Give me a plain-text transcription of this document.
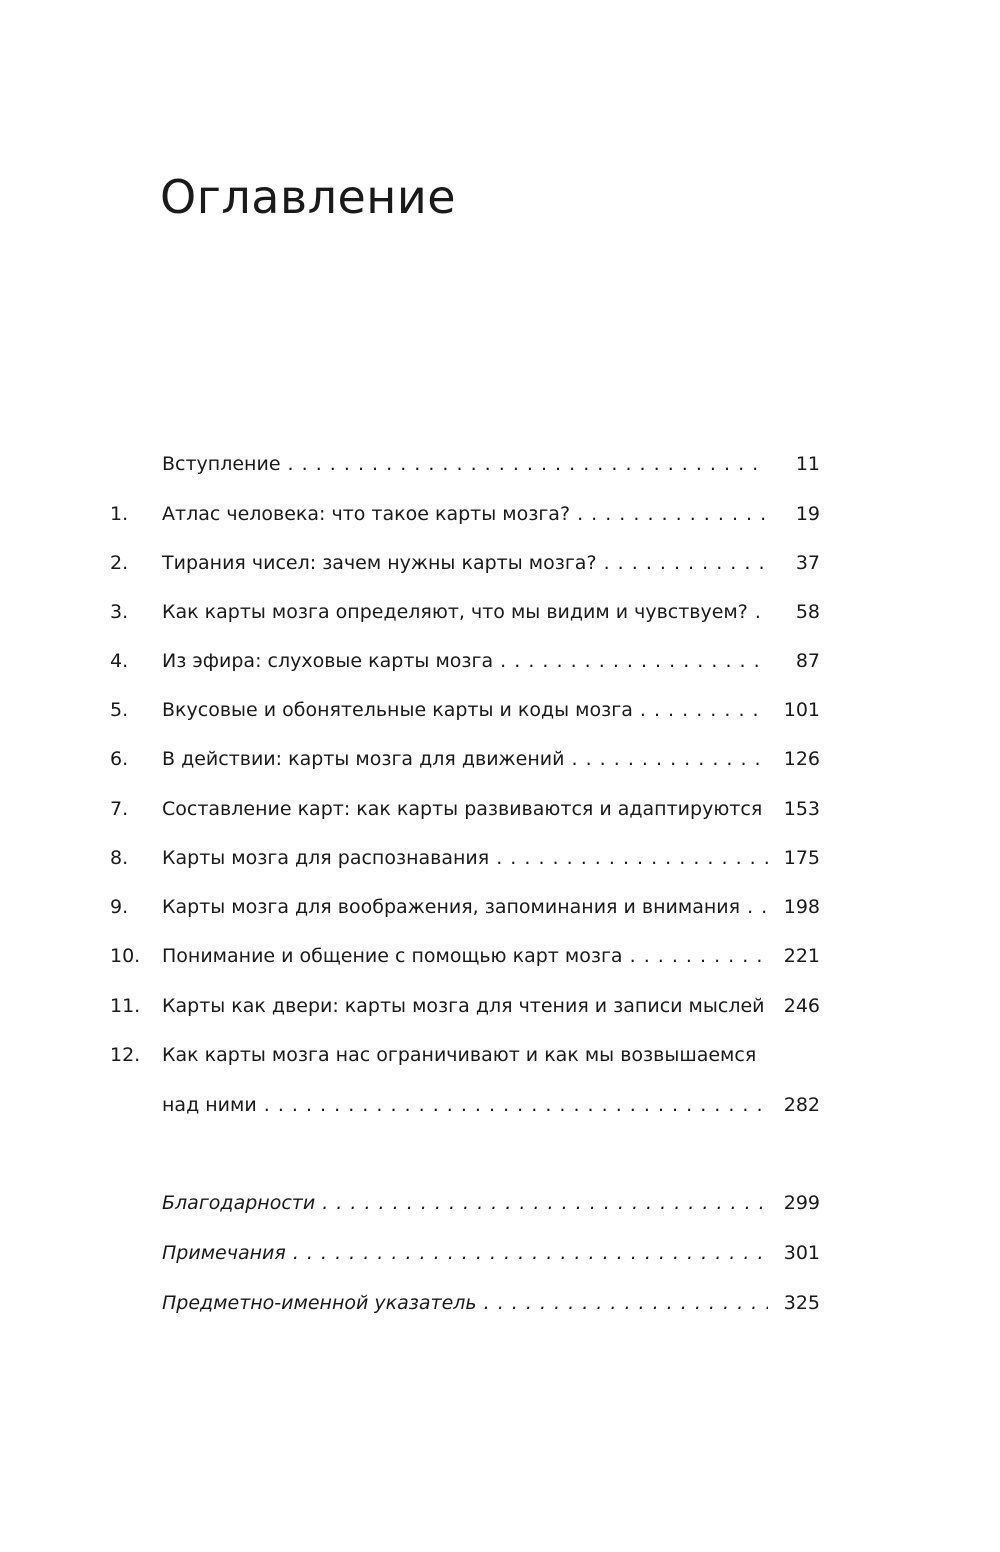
Оглавление
Вступление . . .	11
1. Атлас человека: что такое карты мозга? . . .	19
2. Тирания чисел: зачем нужны карты мозга? . . .	37
3. Как карты мозга определяют, что мы видим и чувствуем? . . .	58
4. Из эфира: слуховые карты мозга . . .	87
5. Вкусовые и обонятельные карты и коды мозга . . .	101
6. В действии: карты мозга для движений . . .	126
7. Составление карт: как карты развиваются и адаптируются . . .	153
8. Карты мозга для распознавания . . .	175
9. Карты мозга для воображения, запоминания и внимания . . .	198
10. Понимание и общение с помощью карт мозга . . .	221
11. Карты как двери: карты мозга для чтения и записи мыслей . . . 246
12. Как карты мозга нас ограничивают и как мы возвышаемся
над ними . . .	282
Благодарности . . .	299
Примечания . . .	301
Предметно-именной указатель . . .	325
